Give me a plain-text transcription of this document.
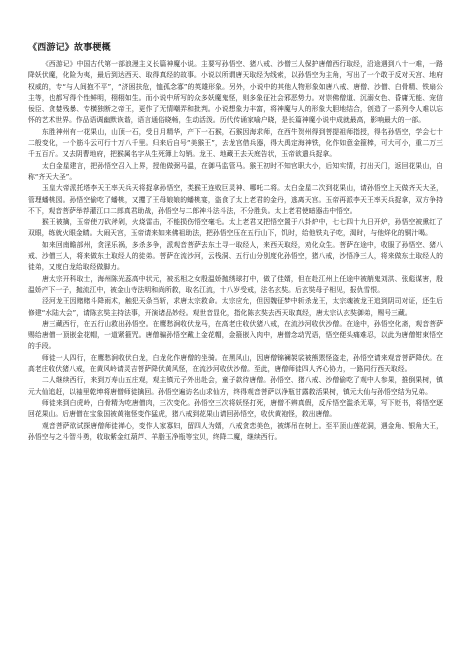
《西游记》故事梗概

《西游记》中国古代第一部浪漫主义长篇神魔小说。主要写孙悟空、猪八戒、沙僧三人保护唐僧西行取经，沿途遇到八十一难，一路降妖伏魔，化险为夷，最后到达西天、取得真经的故事。小说以所谓唐天取经为线索，以孙悟空为主角，写出了一个敢于反对天宫、地府权威的，专“与人间抱不平”，“济困扶危，恤孤念寡”的英雄形象。另外，小说中的其他人物形象如唐八戒、唐僧、沙僧、白骨精、铁扇公主等，也都写得个性鲜明，栩栩如生。而小说中所写的众多妖魔鬼怪，则多象征社会邪恶势力。对崇佛僧道、沉溺女色、昏庸无能、宠信佞臣、贪婪残暴、专横独断之帝王，更作了无情嘲弄和批判。小说想象力丰富，将神魔与人的形象大胆地结合，创造了一系列令人难以忘怀的艺术世界。作品语调幽默诙谐，语言通俗晓畅，生动活泼。历代传诵家喻户晓，是长篇神魔小说中成就最高，影响最大的一部。

东胜神州有一花果山，山顶一石，受日月精华，产下一石猴，石猴因海求师，在西牛贺州得到菩提祖师指授，得名孙悟空，学会七十二般变化，一个筋斗云可行十万八千里。归来后自号“美猴王”，去龙宫借兵器，得大禹定海神铁，化作如意金箍棒，可大可小，重二万三千五百斤。又去阴曹地府，把猴属名字从生死簿上勾销。龙王、地藏王去天庭告状，玉帝欲遣兵捉拿。

太白金星建言，把孙悟空召入上界，授他做弼马温，在御马监管马。猴王初时不知官职大小，后知实情，打出天门，返回花果山，自称“齐天大圣”。

玉皇大帝派托塔李天王率天兵天将捉拿孙悟空，类猴王连败巨灵神、哪吒二将。太白金星二次到花果山，请孙悟空上天做齐天大圣，管理蟠桃园。孙悟空偷吃了蟠桃，又攫了王母娘娘的蟠桃宴，盗食了太上老君的金丹，逃离天宫。玉帝再派李天王率天兵捉拿，双方争持不下，观音菩萨举荐灌江口二郎真君助战，孙悟空与二郎神斗法斗法，不分胜负。太上老君使暗器击中悟空。

猴王被擒，玉帝使刀砍斧剁，火烧雷击，不能损伤悟空毫毛。太上老君又把悟空置于八卦炉中，七七四十九日开炉，孙悟空被熏红了双眼，练就火眼金睛。大闹天宫，玉帝请来如来佛祖助法，把孙悟空压在五行山下，饥时，给他铁丸子吃，渴时，与他烊化的铜汁喝。

如来回南瞻部州，贪淫乐祸，多杀多争，派观音菩萨去东土寻一取经人，来西天取经，劝化众生。菩萨在途中，收服了孙悟空、猪八戒、沙僧三人，将来做东土取经人的徒弟。菩萨在流沙河，云栈洞、五行山分别度化孙悟空，猪八戒，沙悟净三人，将来做东土取经人的徒弟，又度白龙给取经做脚力。

唐太宗开科取士，海州陈光蕊高中状元，被丞相之女殷温娇抛绣球打中，做了佳婿，但在赴江州上任途中被艄鬼刘洪、张彪谋害，殷温娇产下一子，抛流江中，被金山寺法明和尚所救，取名江流，十八岁受戒，法名玄奘。后玄奘母子相见，报仇雪恨。

泾河龙王因赌赌斗降雨术，触犯天条当斩，求唐太宗救命。太宗应允，但因魏征梦中斩杀龙王，太宗魂被龙王追到阴司对证，还生后修建“水陆大会”，请陈玄奘主持法事，开演诸品妙经。观世音显化，指化陈玄奘去西天取真经，唐太宗认玄奘御弟，赐号三藏。

唐三藏西行，在五行山救出孙悟空。在鹰愁涧收伏龙马，在高老庄收伏猪八戒，在流沙河收伏沙僧。在途中，孙悟空化斋，观音菩萨赐给唐僧一顶嵌金花帽，一道紧箍咒。唐僧骗孙悟空戴上金花帽，金箍嵌入肉中，唐僧念动咒语，悟空便头痛难忍，以此为唐僧钳束悟空的手段。

师徒一人四行，在鹰愁涧收伏白龙，白龙化作唐僧的坐骑。在黑风山，因唐僧锦襕袈裟被熊罴怪盗走，孙悟空请来观音菩萨降伏。在高老庄收伏猪八戒，在黄风岭请灵吉菩萨降伏黄风怪，在流沙河收伏沙僧。至此，唐僧师徒四人齐心协力，一路同行西天取经。

二人继续西行，来到万寿山五庄观，观主镇元子外出赴会，童子款待唐僧。孙悟空、猪八戒、沙僧偷吃了观中人参果，推倒果树，镇元大仙追赶，以袖里乾坤将唐僧师徒擒回。孙悟空遍访名山求仙方，终得观音菩萨以净瓶甘露救活果树，镇元大仙与孙悟空结为兄弟。

师徒来到白虎岭，白骨精为吃唐僧肉，三次变化。孙悟空三次将妖怪打死，唐僧不辨真假，反斥悟空滥杀无辜，写下贬书，将悟空逐回花果山。后唐僧在宝象国被黄袍怪变作猛虎，猪八戒到花果山请回孙悟空，收伏黄袍怪，救出唐僧。

观音菩萨欲试探唐僧师徒禅心，变作人家寡妇，留四人为婿，八戒贪恋美色，被绑吊在树上。至平顶山莲花洞，遇金角、银角大王，孙悟空与之斗智斗勇，收取紫金红葫芦、羊脂玉净瓶等宝贝，终降二魔，继续西行。
